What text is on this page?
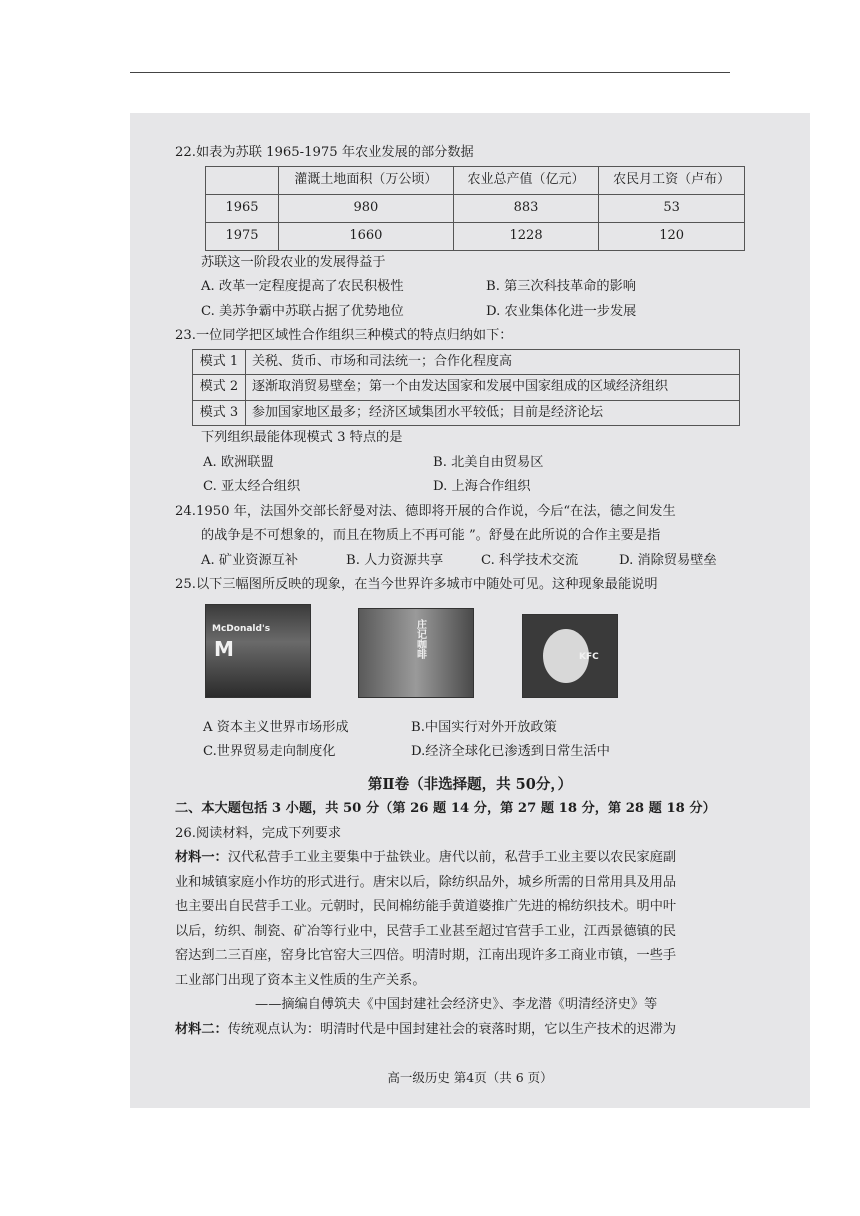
22.如表为苏联 1965-1975 年农业发展的部分数据
	灌溉土地面积（万公顷）	农业总产值（亿元）	农民月工资（卢布）
1965	980	883	53
1975	1660	1228	120
苏联这一阶段农业的发展得益于
A. 改革一定程度提高了农民积极性	B. 第三次科技革命的影响
C. 美苏争霸中苏联占据了优势地位	D. 农业集体化进一步发展
23.一位同学把区域性合作组织三种模式的特点归纳如下：
模式 1	关税、货币、市场和司法统一；合作化程度高
模式 2	逐渐取消贸易壁垒；第一个由发达国家和发展中国家组成的区域经济组织
模式 3	参加国家地区最多；经济区域集团水平较低；目前是经济论坛
下列组织最能体现模式 3 特点的是
A. 欧洲联盟	B. 北美自由贸易区
C. 亚太经合组织	D. 上海合作组织
24.1950 年，法国外交部长舒曼对法、德即将开展的合作说，今后“在法，德之间发生
的战争是不可想象的，而且在物质上不再可能 ”。舒曼在此所说的合作主要是指
A. 矿业资源互补	B. 人力资源共享	C. 科学技术交流	D. 消除贸易壁垒
25.以下三幅图所反映的现象，在当今世界许多城市中随处可见。这种现象最能说明
McDonald's
M	庄记咖啡	KFC
A 资本主义世界市场形成	B.中国实行对外开放政策
C.世界贸易走向制度化	D.经济全球化已渗透到日常生活中
第Ⅱ卷（非选择题，共 50分，）
二、本大题包括 3 小题，共 50 分（第 26 题 14 分，第 27 题 18 分，第 28 题 18 分）
26.阅读材料，完成下列要求
材料一：汉代私营手工业主要集中于盐铁业。唐代以前，私营手工业主要以农民家庭副
业和城镇家庭小作坊的形式进行。唐宋以后，除纺织品外，城乡所需的日常用具及用品
也主要出自民营手工业。元朝时，民间棉纺能手黄道婆推广先进的棉纺织技术。明中叶
以后，纺织、制瓷、矿冶等行业中，民营手工业甚至超过官营手工业，江西景德镇的民
窑达到二三百座，窑身比官窑大三四倍。明清时期，江南出现许多工商业市镇，一些手
工业部门出现了资本主义性质的生产关系。
——摘编自傅筑夫《中国封建社会经济史》、李龙潜《明清经济史》等
材料二：传统观点认为：明清时代是中国封建社会的衰落时期，它以生产技术的迟滞为
高一级历史 第4页（共 6 页）
